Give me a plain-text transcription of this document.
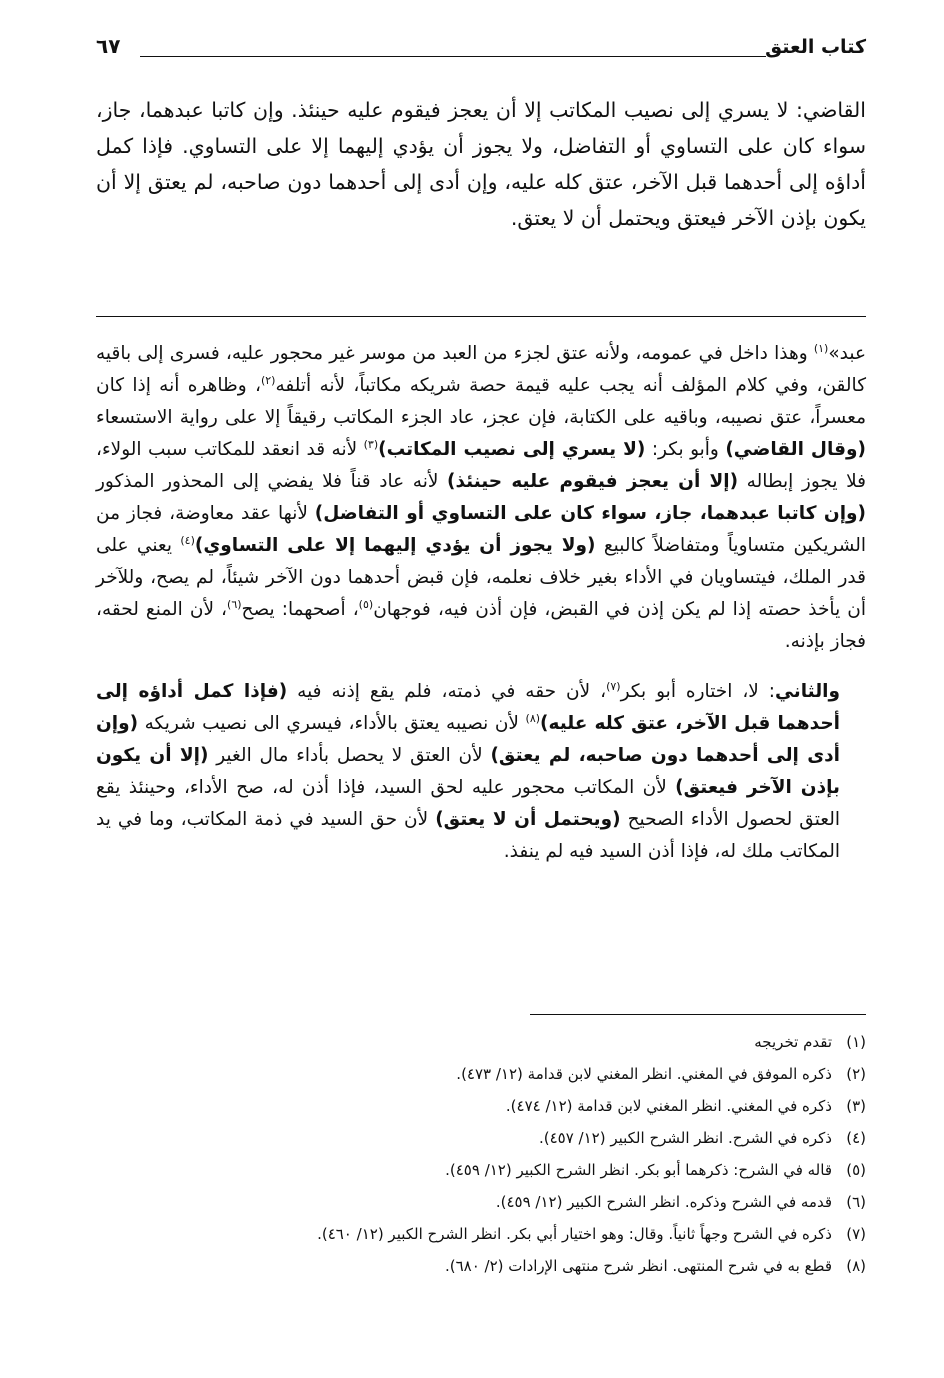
كتاب العتق
٦٧
القاضي: لا يسري إلى نصيب المكاتب إلا أن يعجز فيقوم عليه حينئذ. وإن كاتبا عبدهما، جاز، سواء كان على التساوي أو التفاضل، ولا يجوز أن يؤدي إليهما إلا على التساوي. فإذا كمل أداؤه إلى أحدهما قبل الآخر، عتق كله عليه، وإن أدى إلى أحدهما دون صاحبه، لم يعتق إلا أن يكون بإذن الآخر فيعتق ويحتمل أن لا يعتق.

عبد»$^{(١)}$ وهذا داخل في عمومه، ولأنه عتق لجزء من العبد من موسر غير محجور عليه، فسرى إلى باقيه كالقن، وفي كلام المؤلف أنه يجب عليه قيمة حصة شريكه مكاتباً، لأنه أتلفه$^{(٢)}$، وظاهره أنه إذا كان معسراً، عتق نصيبه، وباقيه على الكتابة، فإن عجز، عاد الجزء المكاتب رقيقاً إلا على رواية الاستسعاء (وقال القاضي) وأبو بكر: (لا يسري إلى نصيب المكاتب)$^{(٣)}$ لأنه قد انعقد للمكاتب سبب الولاء، فلا يجوز إبطاله (إلا أن يعجز فيقوم عليه حينئذ) لأنه عاد قناً فلا يفضي إلى المحذور المذكور (وإن كاتبا عبدهما، جاز، سواء كان على التساوي أو التفاضل) لأنها عقد معاوضة، فجاز من الشريكين متساوياً ومتفاضلاً كالبيع (ولا يجوز أن يؤدي إليهما إلا على التساوي)$^{(٤)}$ يعني على قدر الملك، فيتساويان في الأداء بغير خلاف نعلمه، فإن قبض أحدهما دون الآخر شيئاً، لم يصح، وللآخر أن يأخذ حصته إذا لم يكن إذن في القبض، فإن أذن فيه، فوجهان$^{(٥)}$، أصحهما: يصح$^{(٦)}$، لأن المنع لحقه، فجاز بإذنه.

والثاني: لا، اختاره أبو بكر$^{(٧)}$، لأن حقه في ذمته، فلم يقع إذنه فيه (فإذا كمل أداؤه إلى أحدهما قبل الآخر، عتق كله عليه)$^{(٨)}$ لأن نصيبه يعتق بالأداء، فيسري الى نصيب شريكه (وإن أدى إلى أحدهما دون صاحبه، لم يعتق) لأن العتق لا يحصل بأداء مال الغير (إلا أن يكون بإذن الآخر فيعتق) لأن المكاتب محجور عليه لحق السيد، فإذا أذن له، صح الأداء، وحينئذ يقع العتق لحصول الأداء الصحيح (ويحتمل أن لا يعتق) لأن حق السيد في ذمة المكاتب، وما في يد المكاتب ملك له، فإذا أذن السيد فيه لم ينفذ.

(١)تقدم تخريجه
(٢)ذكره الموفق في المغني. انظر المغني لابن قدامة (١٢/ ٤٧٣).
(٣)ذكره في المغني. انظر المغني لابن قدامة (١٢/ ٤٧٤).
(٤)ذكره في الشرح. انظر الشرح الكبير (١٢/ ٤٥٧).
(٥)قاله في الشرح: ذكرهما أبو بكر. انظر الشرح الكبير (١٢/ ٤٥٩).
(٦)قدمه في الشرح وذكره. انظر الشرح الكبير (١٢/ ٤٥٩).
(٧)ذكره في الشرح وجهاً ثانياً. وقال: وهو اختيار أبي بكر. انظر الشرح الكبير (١٢/ ٤٦٠).
(٨)قطع به في شرح المنتهى. انظر شرح منتهى الإرادات (٢/ ٦٨٠).
